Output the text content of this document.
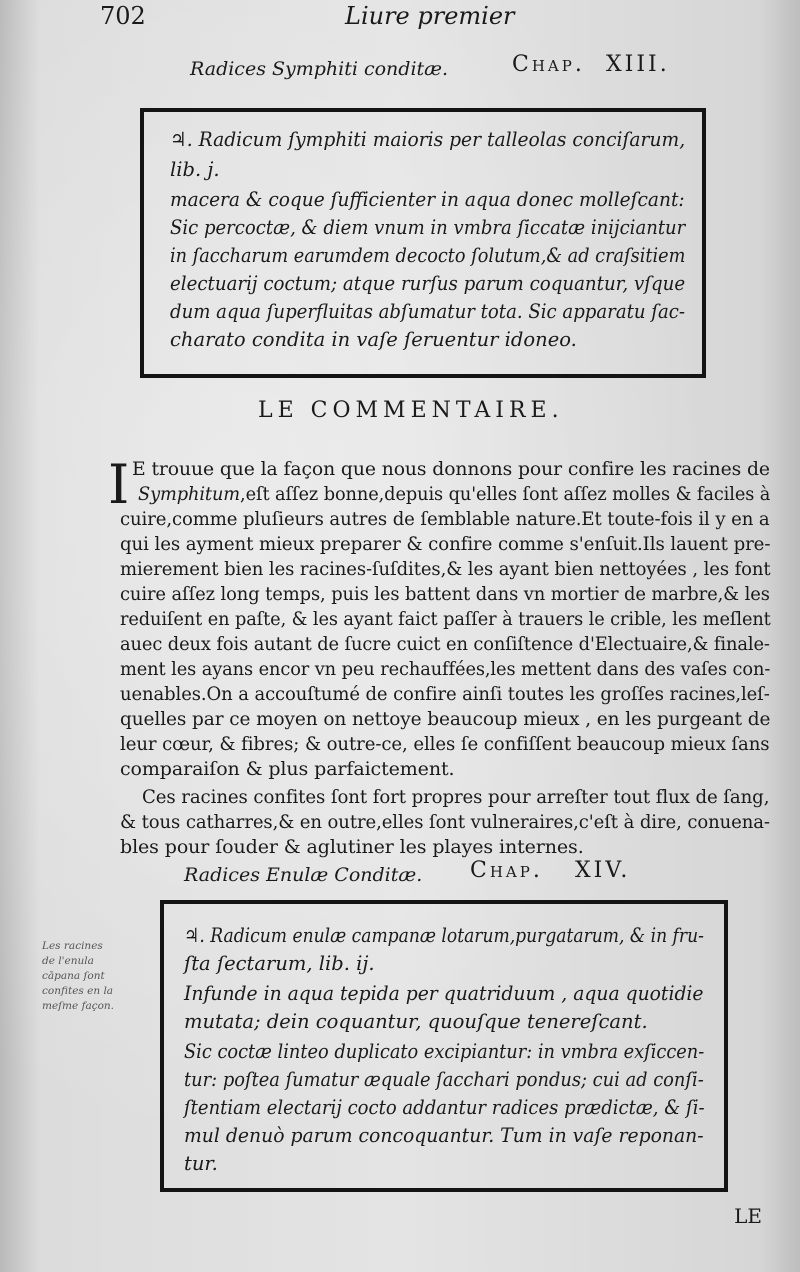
702	Liure premier
Radices Symphiti conditæ.	Chap. XIII.
♃. Radicum ſymphiti maioris per talleolas conciſarum,
lib. j.
macera & coque ſufficienter in aqua donec molleſcant:
Sic percoctæ, & diem vnum in vmbra ſiccatæ inijciantur
in ſaccharum earumdem decocto ſolutum,& ad craſsitiem
electuarij coctum; atque rurſus parum coquantur, vſque
dum aqua ſuperfluitas abſumatur tota. Sic apparatu ſac-
charato condita in vaſe ſeruentur idoneo.
LE COMMENTAIRE.
I E trouue que la façon que nous donnons pour confire les racines de
Symphitum,eſt aſſez bonne,depuis qu'elles ſont aſſez molles & faciles à
cuire,comme pluſieurs autres de ſemblable nature.Et toute-fois il y en a
qui les ayment mieux preparer & confire comme s'enſuit.Ils lauent pre-
mierement bien les racines-ſuſdites,& les ayant bien nettoyées , les font
cuire aſſez long temps, puis les battent dans vn mortier de marbre,& les
reduiſent en paſte, & les ayant faict paſſer à trauers le crible, les meſlent
auec deux fois autant de ſucre cuict en conſiſtence d'Electuaire,& finale-
ment les ayans encor vn peu rechauffées,les mettent dans des vaſes con-
uenables.On a accouſtumé de confire ainſi toutes les groſſes racines,leſ-
quelles par ce moyen on nettoye beaucoup mieux , en les purgeant de
leur cœur, & fibres; & outre-ce, elles ſe confiſſent beaucoup mieux ſans
comparaiſon & plus parfaictement.
Ces racines confites ſont fort propres pour arreſter tout flux de ſang,
& tous catharres,& en outre,elles ſont vulneraires,c'eſt à dire, conuena-
bles pour ſouder & aglutiner les playes internes.
Radices Enulæ Conditæ. Chap. XIV.
Les racines
de l'enula
cāpana ſont
confites en la
meſme façon.
♃. Radicum enulæ campanæ lotarum,purgatarum, & in fru-
ſta ſectarum, lib. ij.
Infunde in aqua tepida per quatriduum , aqua quotidie
mutata; dein coquantur, quouſque tenereſcant.
Sic coctæ linteo duplicato excipiantur: in vmbra exſiccen-
tur: poſtea ſumatur æquale ſacchari pondus; cui ad conſi-
ſtentiam electarij cocto addantur radices prædictæ, & ſi-
mul denuò parum concoquantur. Tum in vaſe reponan-
tur.
LE
